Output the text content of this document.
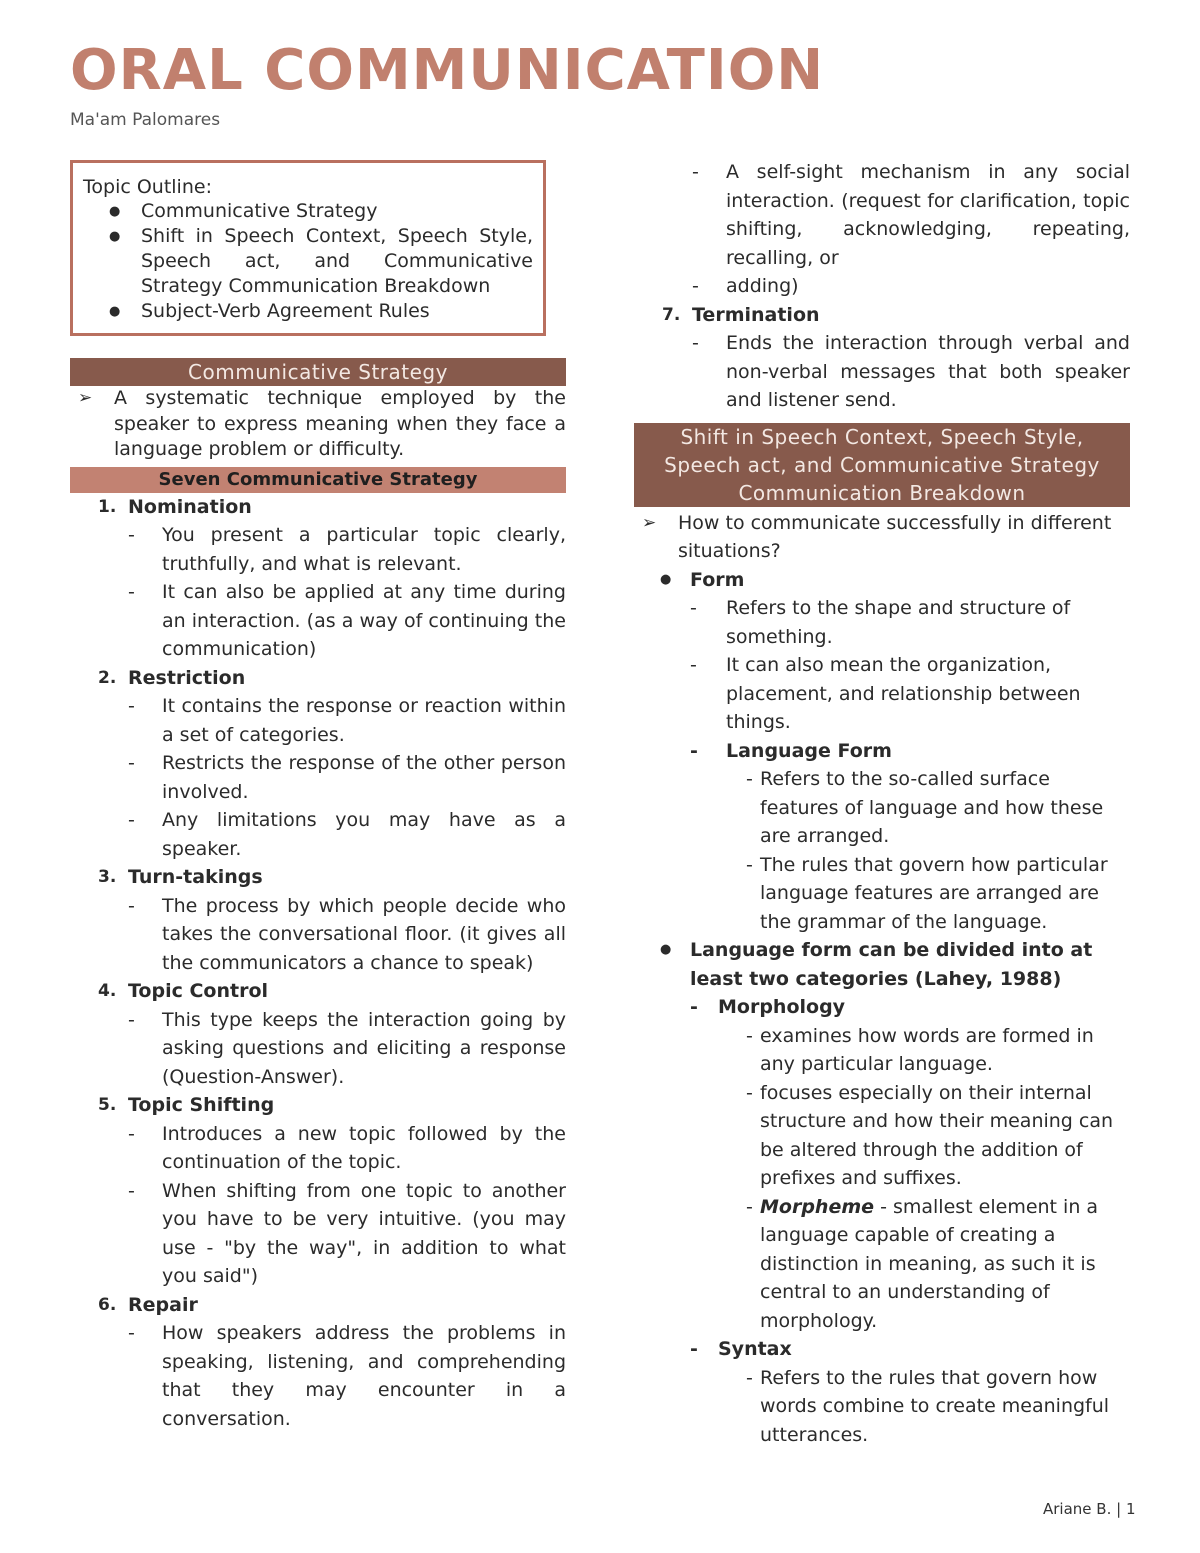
ORAL COMMUNICATION
Ma'am Palomares
Topic Outline:
● Communicative Strategy
● Shift in Speech Context, Speech Style, Speech act, and Communicative Strategy Communication Breakdown
● Subject-Verb Agreement Rules
Communicative Strategy
➢ A systematic technique employed by the speaker to express meaning when they face a language problem or difficulty.
Seven Communicative Strategy
1. Nomination
- You present a particular topic clearly, truthfully, and what is relevant.
- It can also be applied at any time during an interaction. (as a way of continuing the communication)
2. Restriction
- It contains the response or reaction within a set of categories.
- Restricts the response of the other person involved.
- Any limitations you may have as a speaker.
3. Turn-takings
- The process by which people decide who takes the conversational floor. (it gives all the communicators a chance to speak)
4. Topic Control
- This type keeps the interaction going by asking questions and eliciting a response (Question-Answer).
5. Topic Shifting
- Introduces a new topic followed by the continuation of the topic.
- When shifting from one topic to another you have to be very intuitive. (you may use - "by the way", in addition to what you said")
6. Repair
- How speakers address the problems in speaking, listening, and comprehending that they may encounter in a conversation.
- A self-sight mechanism in any social interaction. (request for clarification, topic shifting, acknowledging, repeating, recalling, or
- adding)
7. Termination
- Ends the interaction through verbal and non-verbal messages that both speaker and listener send.
Shift in Speech Context, Speech Style, Speech act, and Communicative Strategy Communication Breakdown
➢ How to communicate successfully in different situations?
● Form
- Refers to the shape and structure of something.
- It can also mean the organization, placement, and relationship between things.
- Language Form
- Refers to the so-called surface features of language and how these are arranged.
- The rules that govern how particular language features are arranged are the grammar of the language.
● Language form can be divided into at least two categories (Lahey, 1988)
- Morphology
- examines how words are formed in any particular language.
- focuses especially on their internal structure and how their meaning can be altered through the addition of prefixes and suffixes.
- Morpheme - smallest element in a language capable of creating a distinction in meaning, as such it is central to an understanding of morphology.
- Syntax
- Refers to the rules that govern how words combine to create meaningful utterances.
Ariane B. | 1
